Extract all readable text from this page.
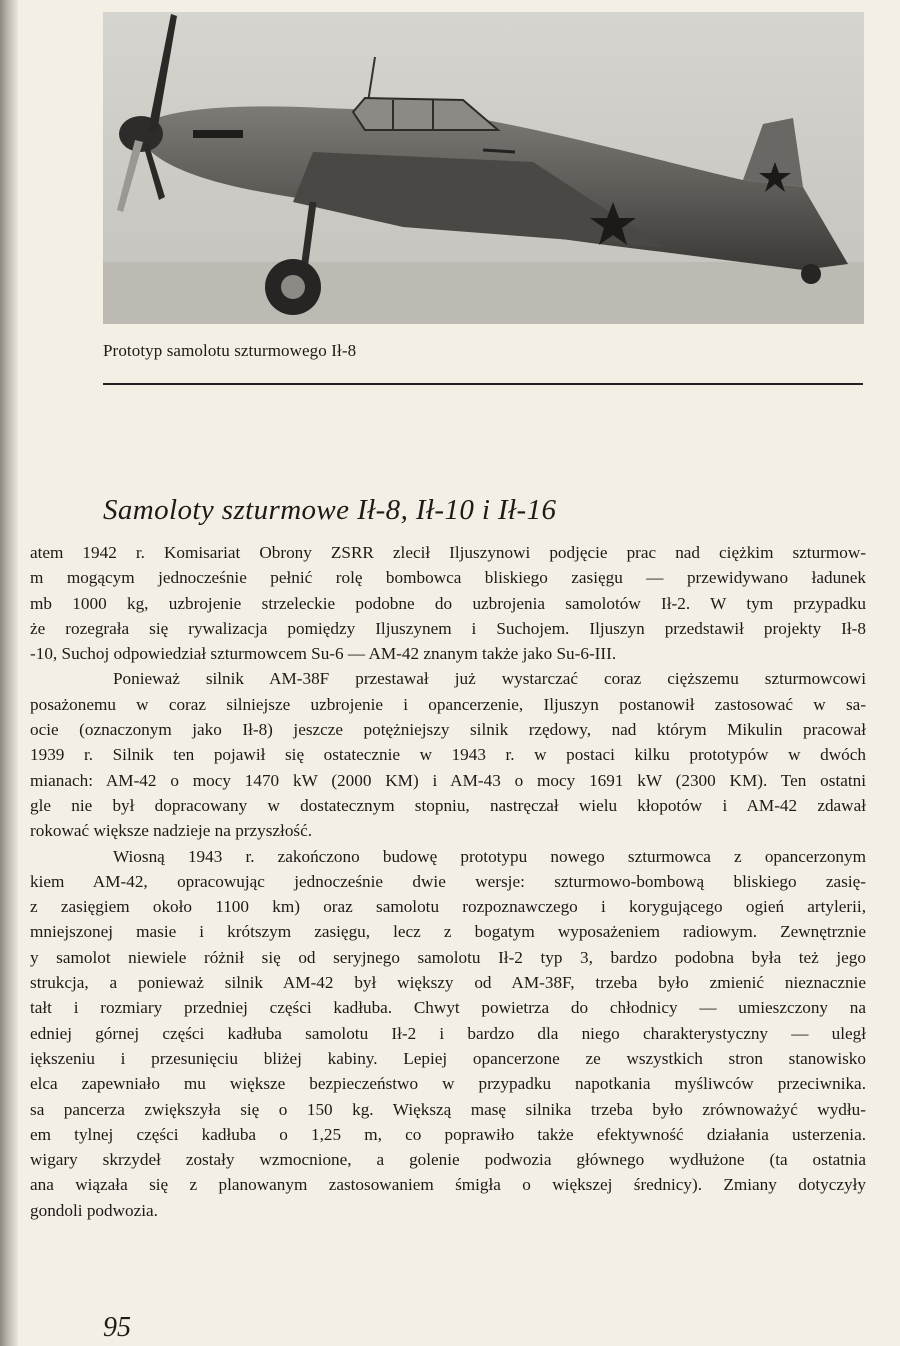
Prototyp samolotu szturmowego Ił-8
Samoloty szturmowe Ił-8, Ił-10 i Ił-16
atem 1942 r. Komisariat Obrony ZSRR zlecił Iljuszynowi podjęcie prac nad ciężkim szturmow-
m mogącym jednocześnie pełnić rolę bombowca bliskiego zasięgu — przewidywano ładunek
mb 1000 kg, uzbrojenie strzeleckie podobne do uzbrojenia samolotów Ił-2. W tym przypadku
że rozegrała się rywalizacja pomiędzy Iljuszynem i Suchojem. Iljuszyn przedstawił projekty Ił-8
-10, Suchoj odpowiedział szturmowcem Su-6 — AM-42 znanym także jako Su-6-III.
Ponieważ silnik AM-38F przestawał już wystarczać coraz cięższemu szturmowcowi
posażonemu w coraz silniejsze uzbrojenie i opancerzenie, Iljuszyn postanowił zastosować w sa-
ocie (oznaczonym jako Ił-8) jeszcze potężniejszy silnik rzędowy, nad którym Mikulin pracował
1939 r. Silnik ten pojawił się ostatecznie w 1943 r. w postaci kilku prototypów w dwóch
mianach: AM-42 o mocy 1470 kW (2000 KM) i AM-43 o mocy 1691 kW (2300 KM). Ten ostatni
gle nie był dopracowany w dostatecznym stopniu, nastręczał wielu kłopotów i AM-42 zdawał
rokować większe nadzieje na przyszłość.
Wiosną 1943 r. zakończono budowę prototypu nowego szturmowca z opancerzonym
kiem AM-42, opracowując jednocześnie dwie wersje: szturmowo-bombową bliskiego zasię-
z zasięgiem około 1100 km) oraz samolotu rozpoznawczego i korygującego ogień artylerii,
mniejszonej masie i krótszym zasięgu, lecz z bogatym wyposażeniem radiowym. Zewnętrznie
y samolot niewiele różnił się od seryjnego samolotu Ił-2 typ 3, bardzo podobna była też jego
strukcja, a ponieważ silnik AM-42 był większy od AM-38F, trzeba było zmienić nieznacznie
tałt i rozmiary przedniej części kadłuba. Chwyt powietrza do chłodnicy — umieszczony na
edniej górnej części kadłuba samolotu Ił-2 i bardzo dla niego charakterystyczny — uległ
iększeniu i przesunięciu bliżej kabiny. Lepiej opancerzone ze wszystkich stron stanowisko
elca zapewniało mu większe bezpieczeństwo w przypadku napotkania myśliwców przeciwnika.
sa pancerza zwiększyła się o 150 kg. Większą masę silnika trzeba było zrównoważyć wydłu-
em tylnej części kadłuba o 1,25 m, co poprawiło także efektywność działania usterzenia.
wigary skrzydeł zostały wzmocnione, a golenie podwozia głównego wydłużone (ta ostatnia
ana wiązała się z planowanym zastosowaniem śmigła o większej średnicy). Zmiany dotyczyły
gondoli podwozia.
95
